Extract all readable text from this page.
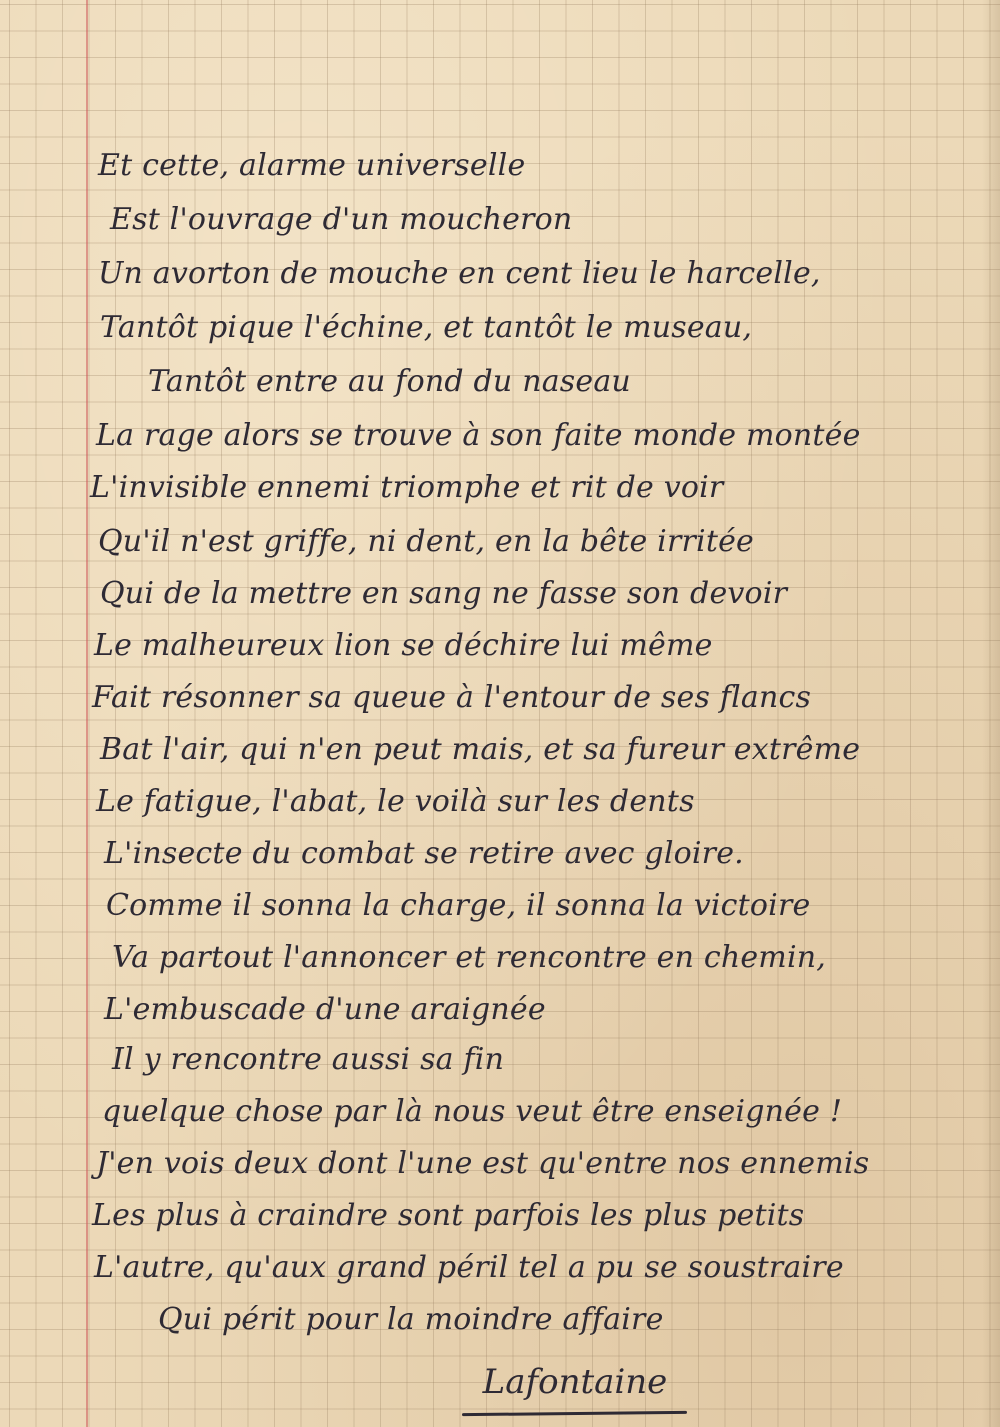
Et cette, alarme universelle
Est l'ouvrage d'un moucheron
Un avorton de mouche en cent lieu le harcelle,
Tantôt pique l'échine, et tantôt le museau,
Tantôt entre au fond du naseau
La rage alors se trouve à son faite monde montée
L'invisible ennemi triomphe et rit de voir
Qu'il n'est griffe, ni dent, en la bête irritée
Qui de la mettre en sang ne fasse son devoir
Le malheureux lion se déchire lui même
Fait résonner sa queue à l'entour de ses flancs
Bat l'air, qui n'en peut mais, et sa fureur extrême
Le fatigue, l'abat, le voilà sur les dents
L'insecte du combat se retire avec gloire.
Comme il sonna la charge, il sonna la victoire
Va partout l'annoncer et rencontre en chemin,
L'embuscade d'une araignée
Il y rencontre aussi sa fin
quelque chose par là nous veut être enseignée !
J'en vois deux dont l'une est qu'entre nos ennemis
Les plus à craindre sont parfois les plus petits
L'autre, qu'aux grand péril tel a pu se soustraire
Qui périt pour la moindre affaire
Lafontaine
